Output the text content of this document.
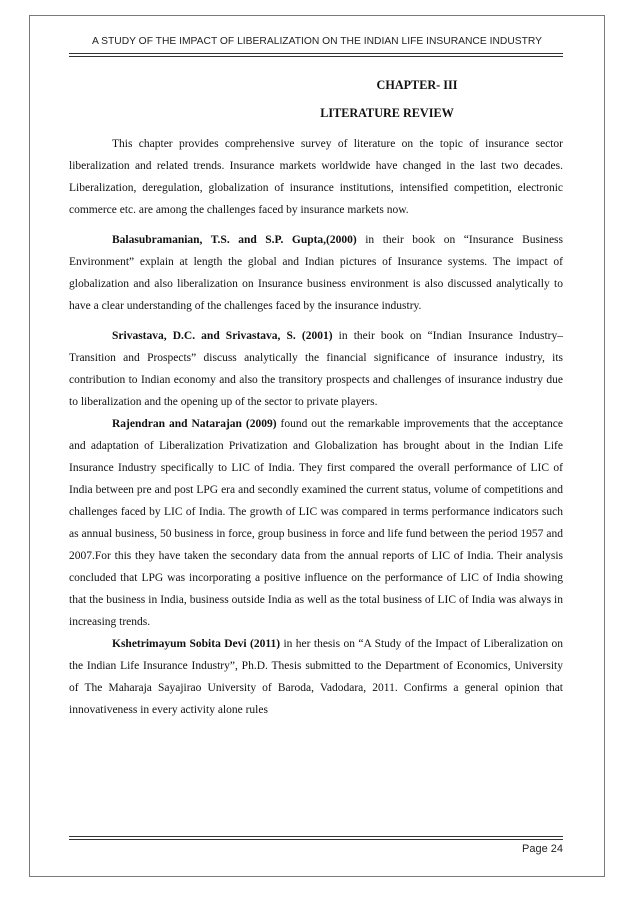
A STUDY OF THE IMPACT OF LIBERALIZATION ON THE INDIAN LIFE INSURANCE INDUSTRY
CHAPTER- III
LITERATURE REVIEW

This chapter provides comprehensive survey of literature on the topic of insurance sector liberalization and related trends. Insurance markets worldwide have changed in the last two decades. Liberalization, deregulation, globalization of insurance institutions, intensified competition, electronic commerce etc. are among the challenges faced by insurance markets now.

Balasubramanian, T.S. and S.P. Gupta,(2000) in their book on “Insurance Business Environment” explain at length the global and Indian pictures of Insurance systems. The impact of globalization and also liberalization on Insurance business environment is also discussed analytically to have a clear understanding of the challenges faced by the insurance industry.

Srivastava, D.C. and Srivastava, S. (2001) in their book on “Indian Insurance Industry–Transition and Prospects” discuss analytically the financial significance of insurance industry, its contribution to Indian economy and also the transitory prospects and challenges of insurance industry due to liberalization and the opening up of the sector to private players.

Rajendran and Natarajan (2009) found out the remarkable improvements that the acceptance and adaptation of Liberalization Privatization and Globalization has brought about in the Indian Life Insurance Industry specifically to LIC of India. They first compared the overall performance of LIC of India between pre and post LPG era and secondly examined the current status, volume of competitions and challenges faced by LIC of India. The growth of LIC was compared in terms performance indicators such as annual business, 50 business in force, group business in force and life fund between the period 1957 and 2007.For this they have taken the secondary data from the annual reports of LIC of India. Their analysis concluded that LPG was incorporating a positive influence on the performance of LIC of India showing that the business in India, business outside India as well as the total business of LIC of India was always in increasing trends.

Kshetrimayum Sobita Devi (2011) in her thesis on “A Study of the Impact of Liberalization on the Indian Life Insurance Industry”, Ph.D. Thesis submitted to the Department of Economics, University of The Maharaja Sayajirao University of Baroda, Vadodara, 2011. Confirms a general opinion that innovativeness in every activity alone rules

Page 24
